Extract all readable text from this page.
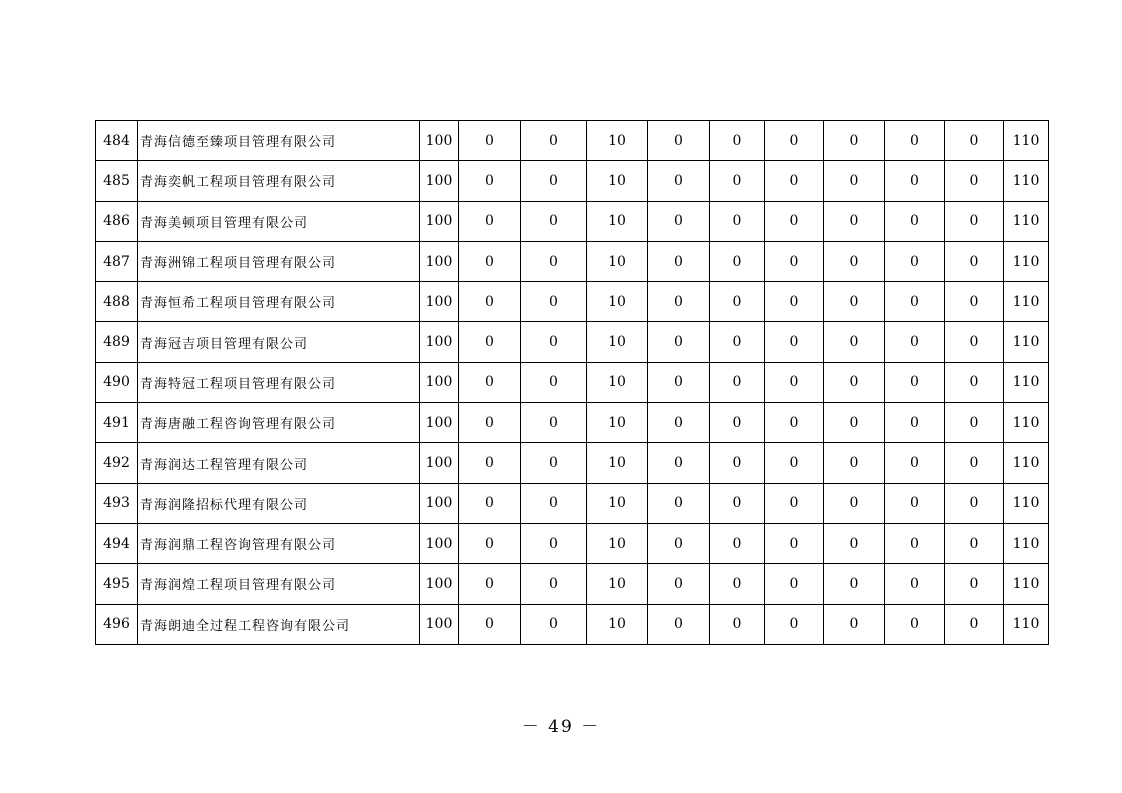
484	青海信德至臻项目管理有限公司	100	0	0	10	0	0	0	0	0	0	110
485	青海奕帆工程项目管理有限公司	100	0	0	10	0	0	0	0	0	0	110
486	青海美顿项目管理有限公司	100	0	0	10	0	0	0	0	0	0	110
487	青海洲锦工程项目管理有限公司	100	0	0	10	0	0	0	0	0	0	110
488	青海恒希工程项目管理有限公司	100	0	0	10	0	0	0	0	0	0	110
489	青海冠吉项目管理有限公司	100	0	0	10	0	0	0	0	0	0	110
490	青海特冠工程项目管理有限公司	100	0	0	10	0	0	0	0	0	0	110
491	青海唐融工程咨询管理有限公司	100	0	0	10	0	0	0	0	0	0	110
492	青海润达工程管理有限公司	100	0	0	10	0	0	0	0	0	0	110
493	青海润隆招标代理有限公司	100	0	0	10	0	0	0	0	0	0	110
494	青海润鼎工程咨询管理有限公司	100	0	0	10	0	0	0	0	0	0	110
495	青海润煌工程项目管理有限公司	100	0	0	10	0	0	0	0	0	0	110
496	青海朗迪全过程工程咨询有限公司	100	0	0	10	0	0	0	0	0	0	110
－ 49 －
